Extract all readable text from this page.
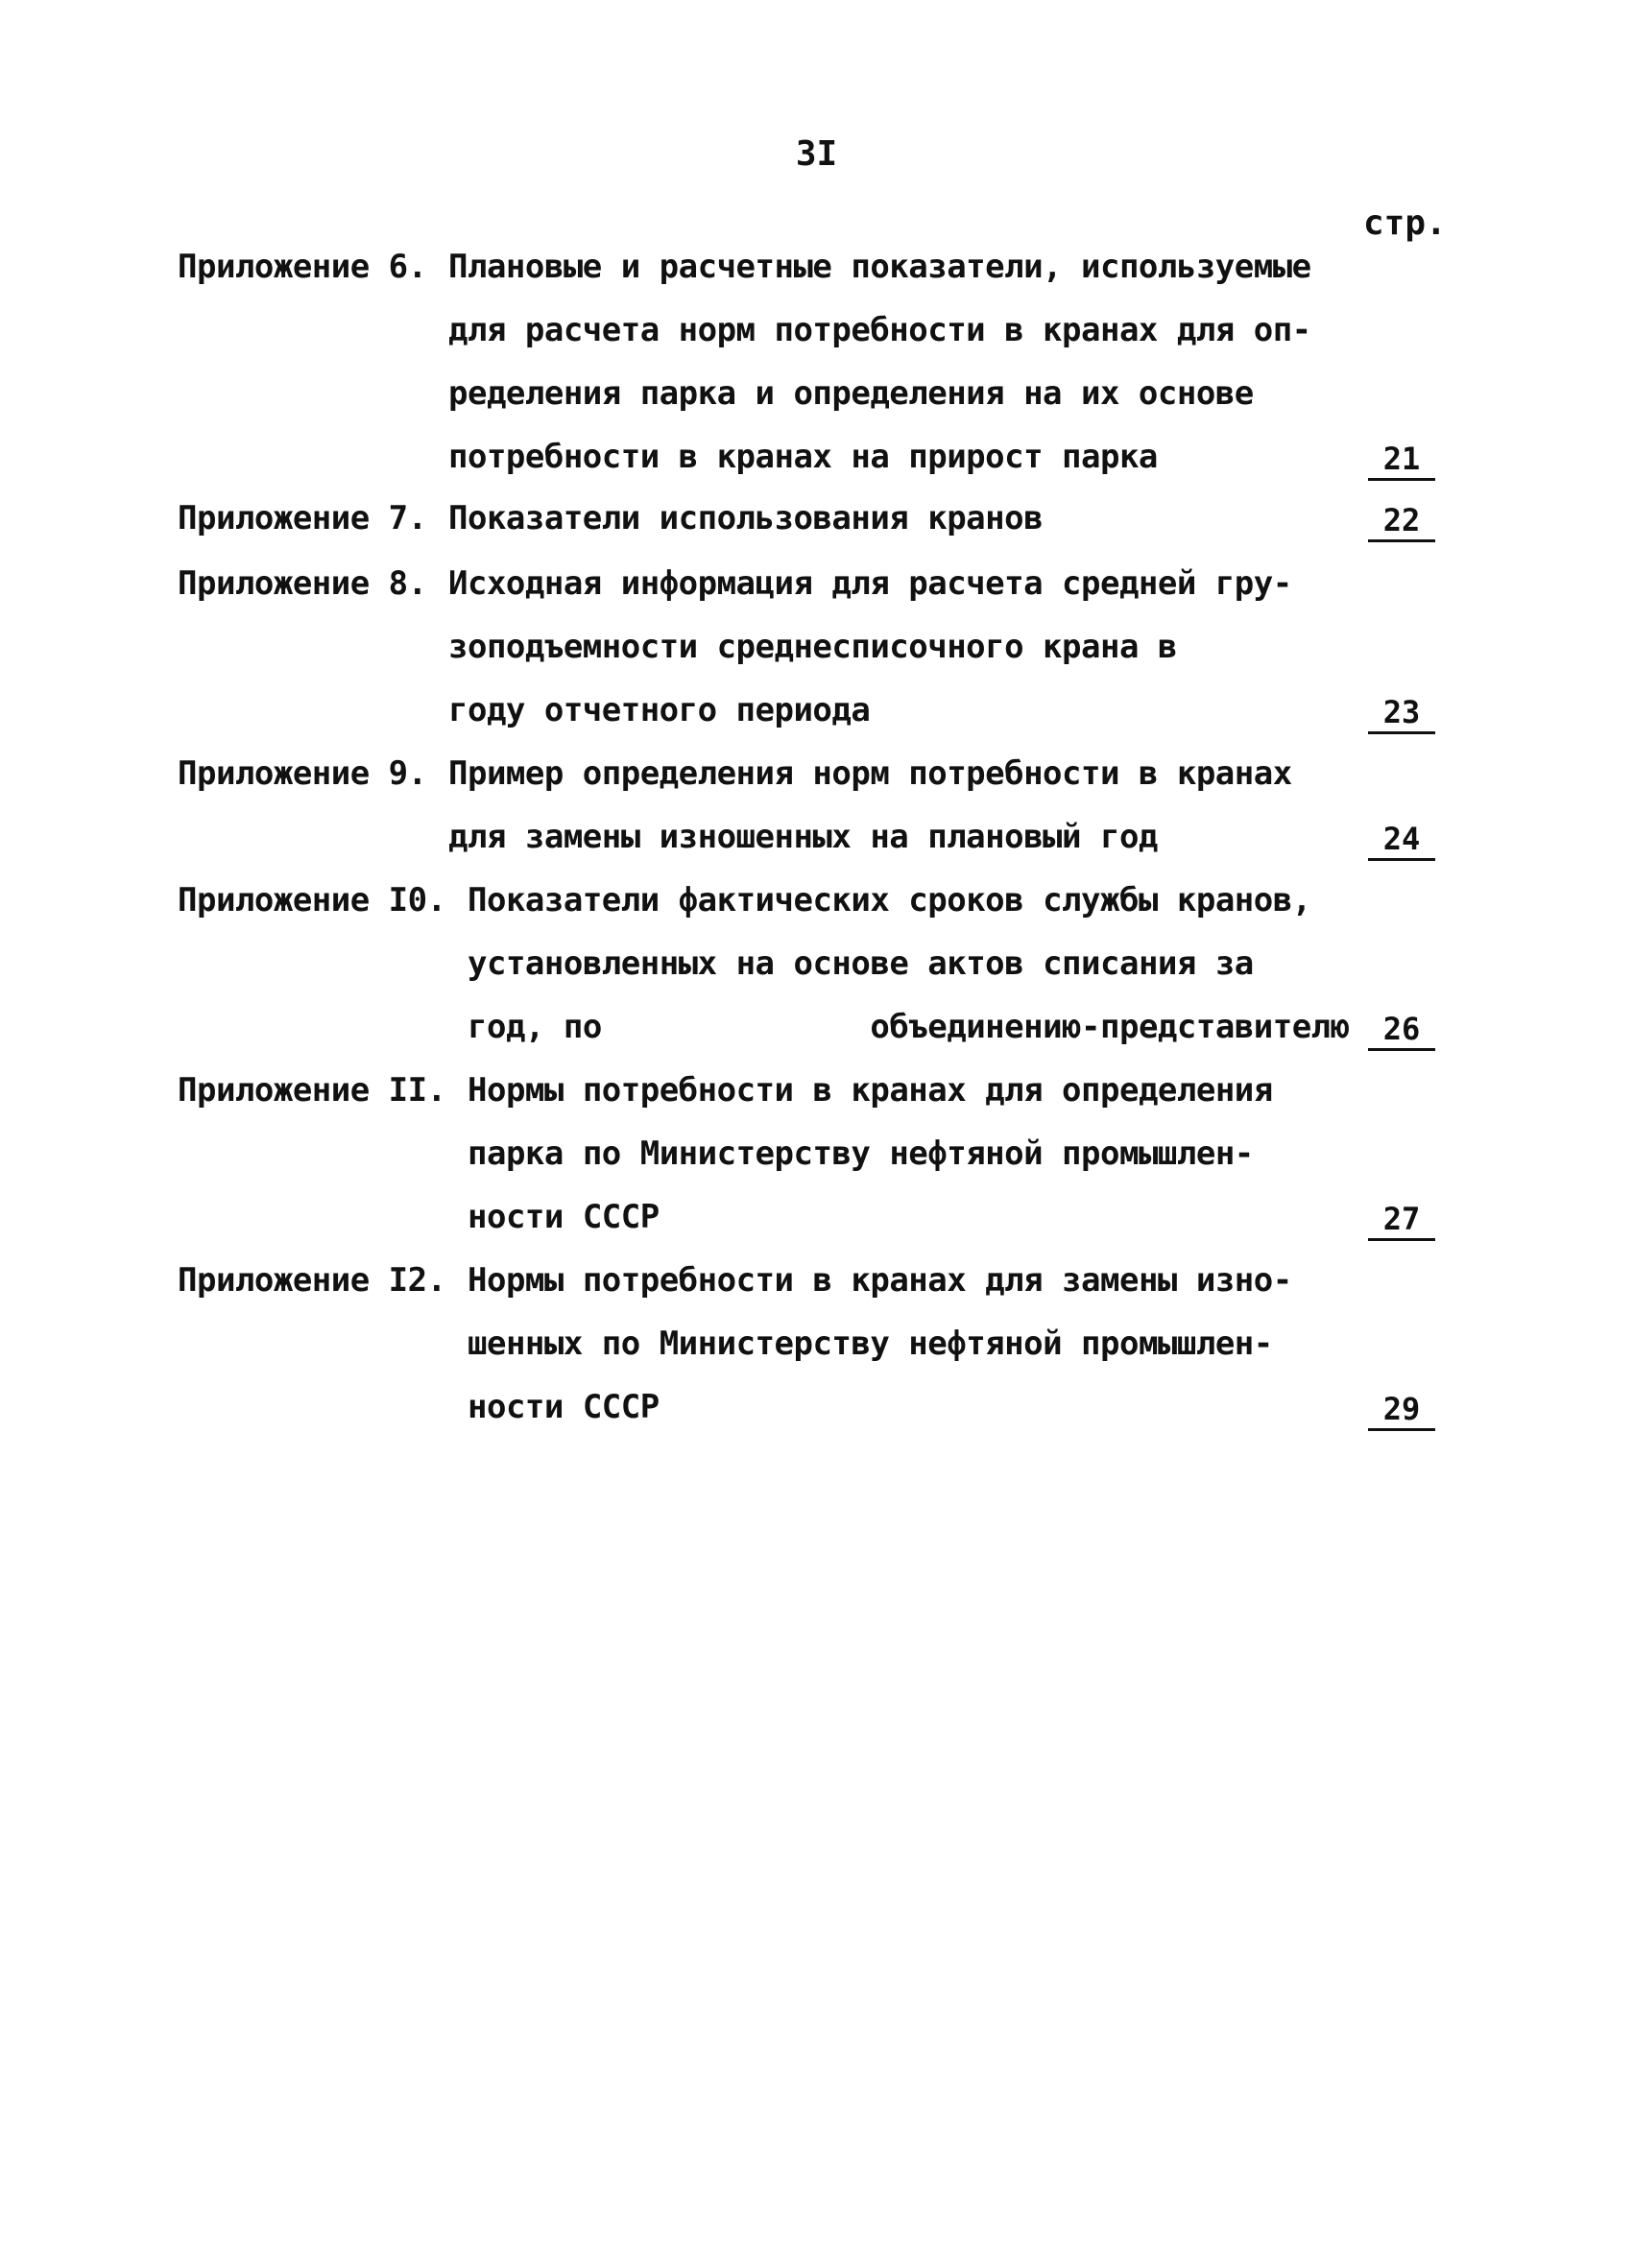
3I
стр.
Приложение 6. Плановые и расчетные показатели, используемые
для расчета норм потребности в кранах для оп-
ределения парка и определения на их основе
потребности в кранах на прирост парка	21
Приложение 7. Показатели использования кранов	22
Приложение 8. Исходная информация для расчета средней гру-
зоподъемности среднесписочного крана в
году отчетного периода	23
Приложение 9. Пример определения норм потребности в кранах
для замены изношенных на плановый год	24
Приложение I0. Показатели фактических сроков службы кранов,
установленных на основе актов списания за
год, по              объединению-представителю	26
Приложение II. Нормы потребности в кранах для определения
парка по Министерству нефтяной промышлен-
ности СССР	27
Приложение I2. Нормы потребности в кранах для замены изно-
шенных по Министерству нефтяной промышлен-
ности СССР	29
